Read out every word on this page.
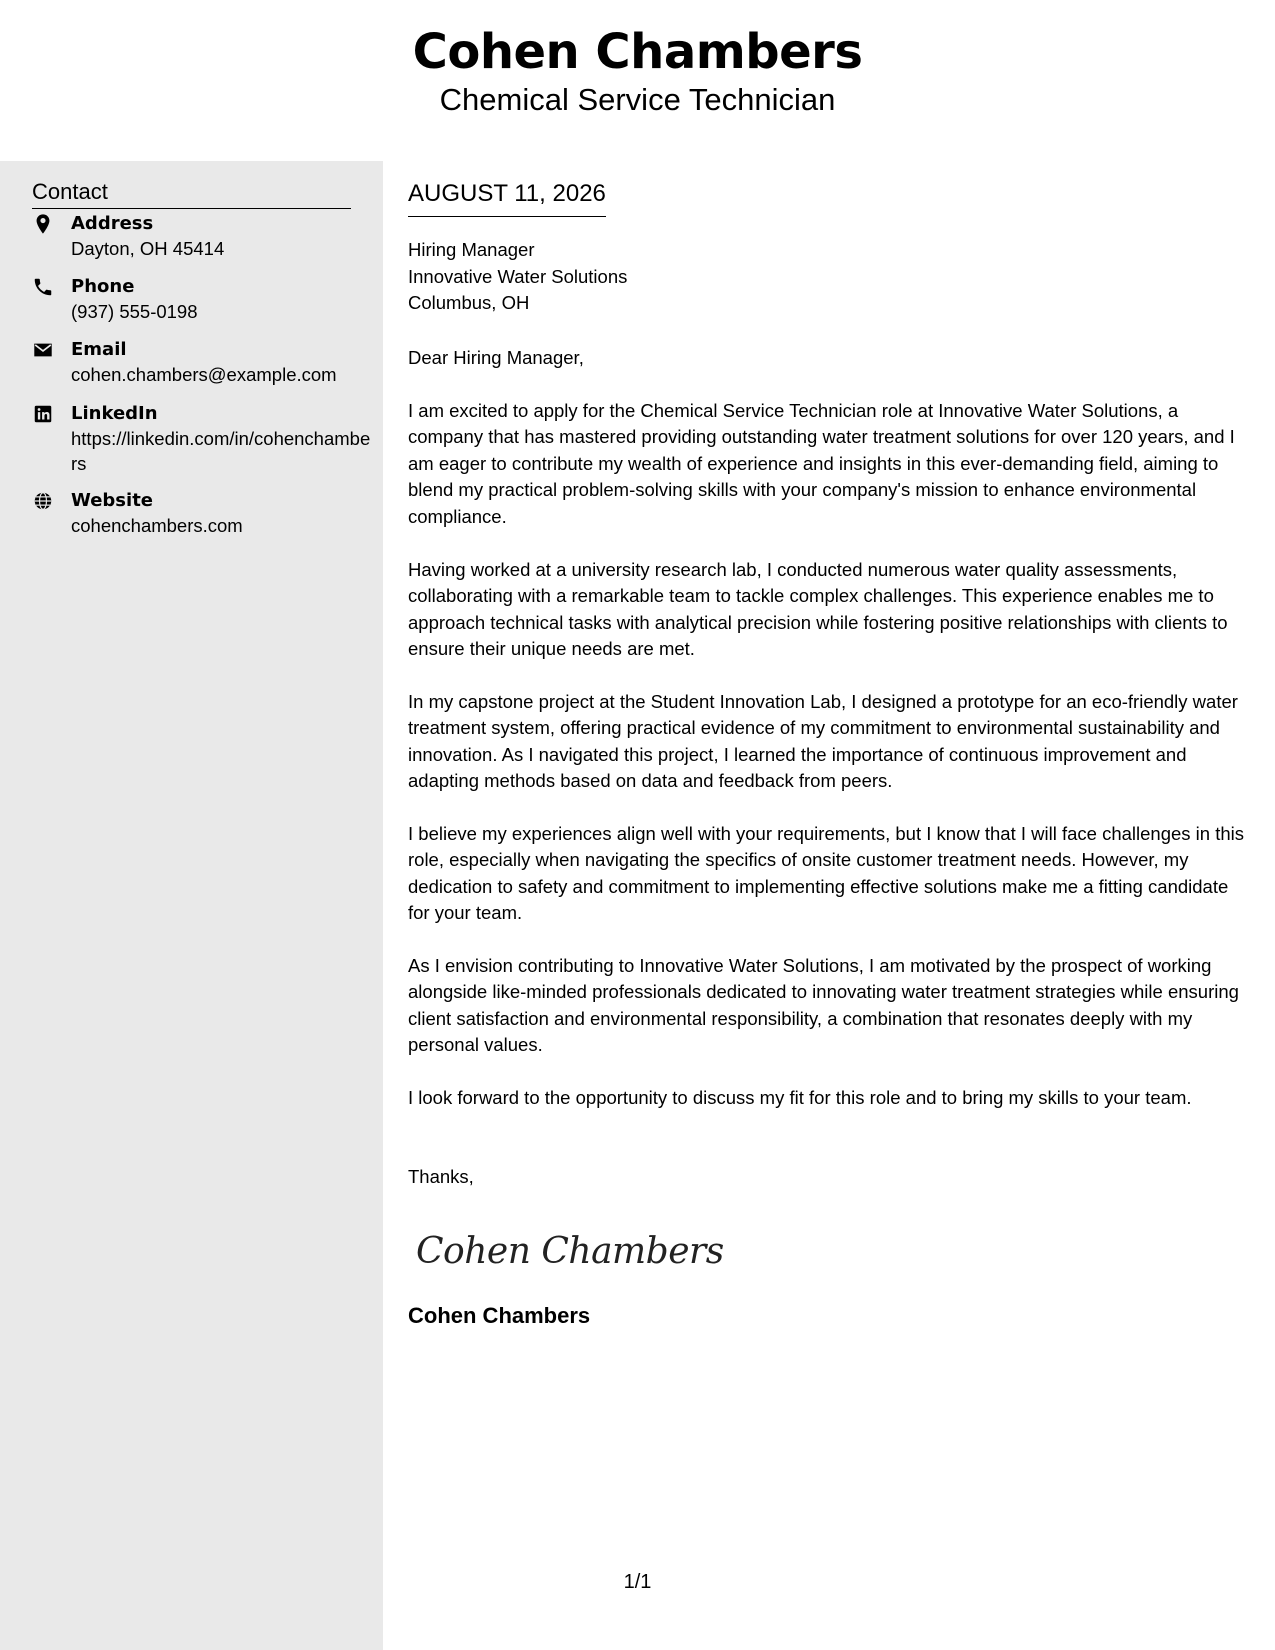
Cohen Chambers
Chemical Service Technician
Contact
Address
Dayton, OH 45414
Phone
(937) 555-0198
Email
cohen.chambers@example.com
LinkedIn
https://linkedin.com/in/cohenchambers
Website
cohenchambers.com
AUGUST 11, 2026
Hiring Manager
Innovative Water Solutions
Columbus, OH
Dear Hiring Manager,

I am excited to apply for the Chemical Service Technician role at Innovative Water Solutions, a company that has mastered providing outstanding water treatment solutions for over 120 years, and I am eager to contribute my wealth of experience and insights in this ever-demanding field, aiming to blend my practical problem-solving skills with your company's mission to enhance environmental compliance.

Having worked at a university research lab, I conducted numerous water quality assessments, collaborating with a remarkable team to tackle complex challenges. This experience enables me to approach technical tasks with analytical precision while fostering positive relationships with clients to ensure their unique needs are met.

In my capstone project at the Student Innovation Lab, I designed a prototype for an eco-friendly water treatment system, offering practical evidence of my commitment to environmental sustainability and innovation. As I navigated this project, I learned the importance of continuous improvement and adapting methods based on data and feedback from peers.

I believe my experiences align well with your requirements, but I know that I will face challenges in this role, especially when navigating the specifics of onsite customer treatment needs. However, my dedication to safety and commitment to implementing effective solutions make me a fitting candidate for your team.

As I envision contributing to Innovative Water Solutions, I am motivated by the prospect of working alongside like-minded professionals dedicated to innovating water treatment strategies while ensuring client satisfaction and environmental responsibility, a combination that resonates deeply with my personal values.

I look forward to the opportunity to discuss my fit for this role and to bring my skills to your team.

Thanks,
Cohen Chambers
Cohen Chambers
1/1
